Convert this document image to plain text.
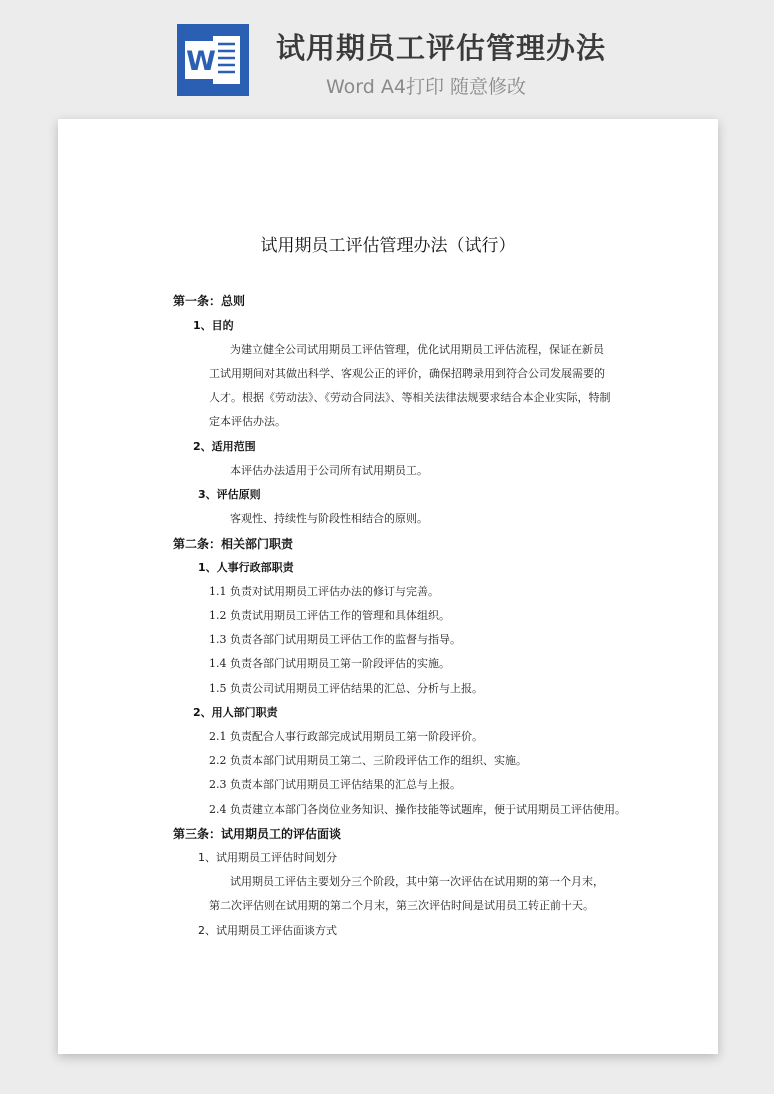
W 试用期员工评估管理办法
Word A4打印 随意修改
试用期员工评估管理办法（试行）
第一条：总则
1、目的
为建立健全公司试用期员工评估管理，优化试用期员工评估流程，保证在新员
工试用期间对其做出科学、客观公正的评价，确保招聘录用到符合公司发展需要的
人才。根据《劳动法》、《劳动合同法》、等相关法律法规要求结合本企业实际，特制
定本评估办法。
2、适用范围
本评估办法适用于公司所有试用期员工。
3、评估原则
客观性、持续性与阶段性相结合的原则。
第二条：相关部门职责
1、人事行政部职责
1.1 负责对试用期员工评估办法的修订与完善。
1.2 负责试用期员工评估工作的管理和具体组织。
1.3 负责各部门试用期员工评估工作的监督与指导。
1.4 负责各部门试用期员工第一阶段评估的实施。
1.5 负责公司试用期员工评估结果的汇总、分析与上报。
2、用人部门职责
2.1 负责配合人事行政部完成试用期员工第一阶段评价。
2.2 负责本部门试用期员工第二、三阶段评估工作的组织、实施。
2.3 负责本部门试用期员工评估结果的汇总与上报。
2.4 负责建立本部门各岗位业务知识、操作技能等试题库，便于试用期员工评估使用。
第三条：试用期员工的评估面谈
1、试用期员工评估时间划分
试用期员工评估主要划分三个阶段，其中第一次评估在试用期的第一个月末，
第二次评估则在试用期的第二个月末，第三次评估时间是试用员工转正前十天。
2、试用期员工评估面谈方式
